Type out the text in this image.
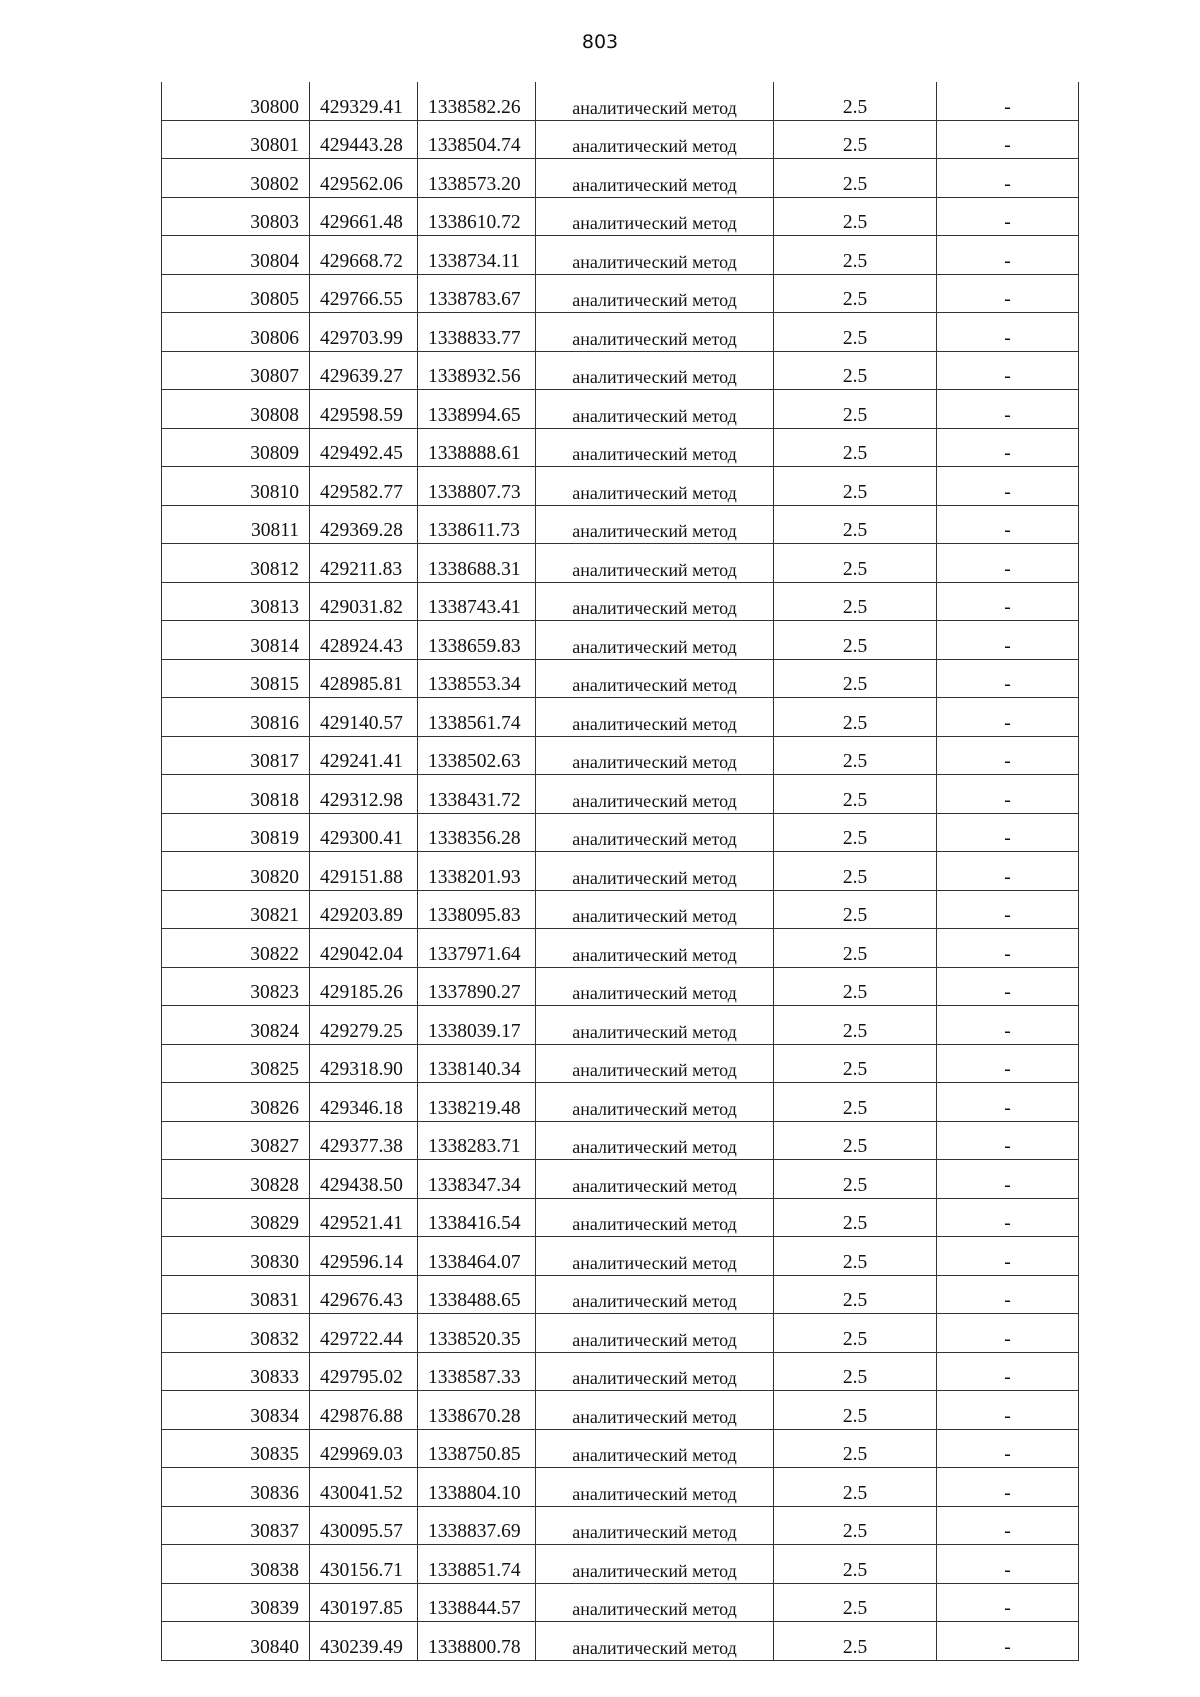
803
30800	429329.41	1338582.26	аналитический метод	2.5	-
30801	429443.28	1338504.74	аналитический метод	2.5	-
30802	429562.06	1338573.20	аналитический метод	2.5	-
30803	429661.48	1338610.72	аналитический метод	2.5	-
30804	429668.72	1338734.11	аналитический метод	2.5	-
30805	429766.55	1338783.67	аналитический метод	2.5	-
30806	429703.99	1338833.77	аналитический метод	2.5	-
30807	429639.27	1338932.56	аналитический метод	2.5	-
30808	429598.59	1338994.65	аналитический метод	2.5	-
30809	429492.45	1338888.61	аналитический метод	2.5	-
30810	429582.77	1338807.73	аналитический метод	2.5	-
30811	429369.28	1338611.73	аналитический метод	2.5	-
30812	429211.83	1338688.31	аналитический метод	2.5	-
30813	429031.82	1338743.41	аналитический метод	2.5	-
30814	428924.43	1338659.83	аналитический метод	2.5	-
30815	428985.81	1338553.34	аналитический метод	2.5	-
30816	429140.57	1338561.74	аналитический метод	2.5	-
30817	429241.41	1338502.63	аналитический метод	2.5	-
30818	429312.98	1338431.72	аналитический метод	2.5	-
30819	429300.41	1338356.28	аналитический метод	2.5	-
30820	429151.88	1338201.93	аналитический метод	2.5	-
30821	429203.89	1338095.83	аналитический метод	2.5	-
30822	429042.04	1337971.64	аналитический метод	2.5	-
30823	429185.26	1337890.27	аналитический метод	2.5	-
30824	429279.25	1338039.17	аналитический метод	2.5	-
30825	429318.90	1338140.34	аналитический метод	2.5	-
30826	429346.18	1338219.48	аналитический метод	2.5	-
30827	429377.38	1338283.71	аналитический метод	2.5	-
30828	429438.50	1338347.34	аналитический метод	2.5	-
30829	429521.41	1338416.54	аналитический метод	2.5	-
30830	429596.14	1338464.07	аналитический метод	2.5	-
30831	429676.43	1338488.65	аналитический метод	2.5	-
30832	429722.44	1338520.35	аналитический метод	2.5	-
30833	429795.02	1338587.33	аналитический метод	2.5	-
30834	429876.88	1338670.28	аналитический метод	2.5	-
30835	429969.03	1338750.85	аналитический метод	2.5	-
30836	430041.52	1338804.10	аналитический метод	2.5	-
30837	430095.57	1338837.69	аналитический метод	2.5	-
30838	430156.71	1338851.74	аналитический метод	2.5	-
30839	430197.85	1338844.57	аналитический метод	2.5	-
30840	430239.49	1338800.78	аналитический метод	2.5	-
